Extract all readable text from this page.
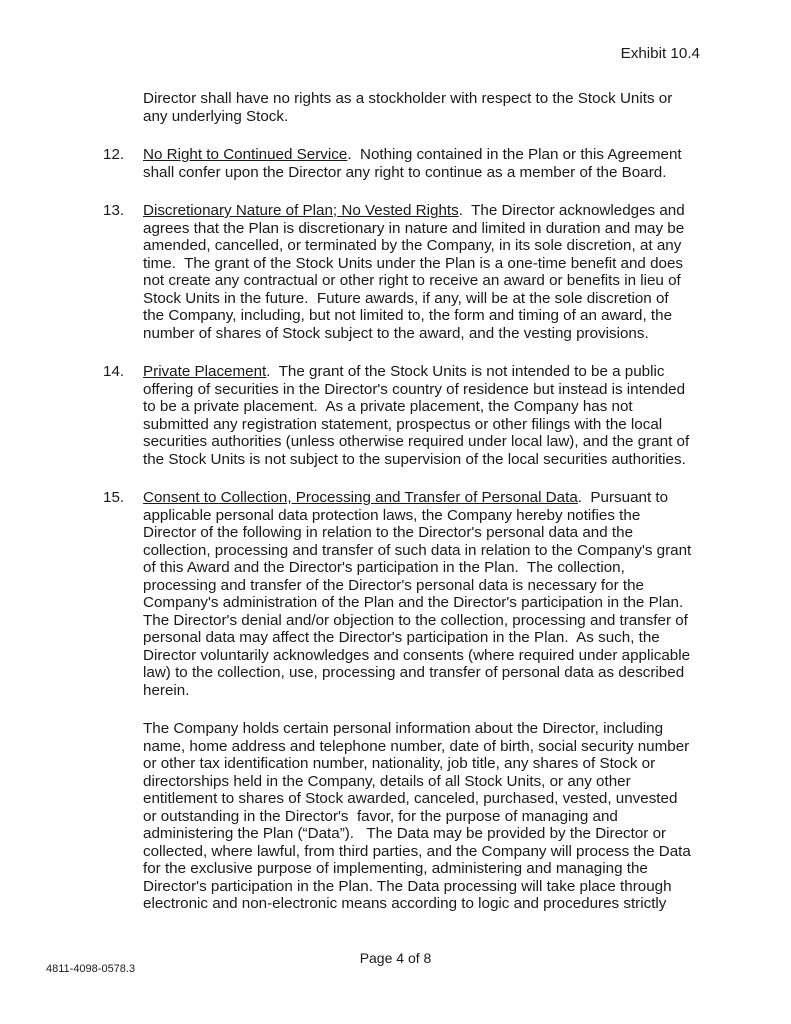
Exhibit 10.4

Director shall have no rights as a stockholder with respect to the Stock Units or any underlying Stock.

12. No Right to Continued Service.  Nothing contained in the Plan or this Agreement shall confer upon the Director any right to continue as a member of the Board.
13. Discretionary Nature of Plan; No Vested Rights.  The Director acknowledges and agrees that the Plan is discretionary in nature and limited in duration and may be amended, cancelled, or terminated by the Company, in its sole discretion, at any time.  The grant of the Stock Units under the Plan is a one-time benefit and does not create any contractual or other right to receive an award or benefits in lieu of Stock Units in the future.  Future awards, if any, will be at the sole discretion of the Company, including, but not limited to, the form and timing of an award, the number of shares of Stock subject to the award, and the vesting provisions.
14. Private Placement.  The grant of the Stock Units is not intended to be a public offering of securities in the Director's country of residence but instead is intended to be a private placement.  As a private placement, the Company has not submitted any registration statement, prospectus or other filings with the local securities authorities (unless otherwise required under local law), and the grant of the Stock Units is not subject to the supervision of the local securities authorities.
15. Consent to Collection, Processing and Transfer of Personal Data.  Pursuant to applicable personal data protection laws, the Company hereby notifies the Director of the following in relation to the Director's personal data and the collection, processing and transfer of such data in relation to the Company's grant of this Award and the Director's participation in the Plan.  The collection, processing and transfer of the Director's personal data is necessary for the Company's administration of the Plan and the Director's participation in the Plan.  The Director's denial and/or objection to the collection, processing and transfer of personal data may affect the Director's participation in the Plan.  As such, the Director voluntarily acknowledges and consents (where required under applicable law) to the collection, use, processing and transfer of personal data as described herein.

The Company holds certain personal information about the Director, including name, home address and telephone number, date of birth, social security number or other tax identification number, nationality, job title, any shares of Stock or directorships held in the Company, details of all Stock Units, or any other entitlement to shares of Stock awarded, canceled, purchased, vested, unvested or outstanding in the Director's  favor, for the purpose of managing and administering the Plan (“Data”).   The Data may be provided by the Director or collected, where lawful, from third parties, and the Company will process the Data for the exclusive purpose of implementing, administering and managing the Director's participation in the Plan. The Data processing will take place through electronic and non-electronic means according to logic and procedures strictly

Page 4 of 8
4811-4098-0578.3
